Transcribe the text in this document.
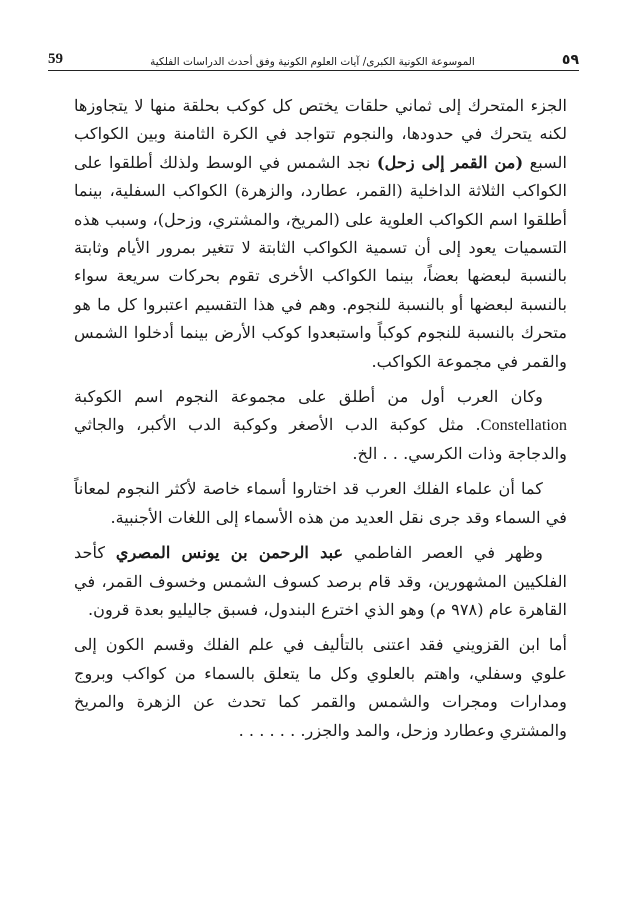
59	الموسوعة الكونية الكبرى/ آيات العلوم الكونية وفق أحدث الدراسات الفلكية	٥٩

الجزء المتحرك إلى ثماني حلقات يختص كل كوكب بحلقة منها لا يتجاوزها لكنه يتحرك في حدودها، والنجوم تتواجد في الكرة الثامنة وبين الكواكب السبع (من القمر إلى زحل) نجد الشمس في الوسط ولذلك أطلقوا على الكواكب الثلاثة الداخلية (القمر، عطارد، والزهرة) الكواكب السفلية، بينما أطلقوا اسم الكواكب العلوية على (المريخ، والمشتري، وزحل)، وسبب هذه التسميات يعود إلى أن تسمية الكواكب الثابتة لا تتغير بمرور الأيام وثابتة بالنسبة لبعضها بعضاً، بينما الكواكب الأخرى تقوم بحركات سريعة سواء بالنسبة لبعضها أو بالنسبة للنجوم. وهم في هذا التقسيم اعتبروا كل ما هو متحرك بالنسبة للنجوم كوكباً واستبعدوا كوكب الأرض بينما أدخلوا الشمس والقمر في مجموعة الكواكب.

وكان العرب أول من أطلق على مجموعة النجوم اسم الكوكبة Constellation. مثل كوكبة الدب الأصغر وكوكبة الدب الأكبر، والجاثي والدجاجة وذات الكرسي. . . الخ.

كما أن علماء الفلك العرب قد اختاروا أسماء خاصة لأكثر النجوم لمعاناً في السماء وقد جرى نقل العديد من هذه الأسماء إلى اللغات الأجنبية.

وظهر في العصر الفاطمي عبد الرحمن بن يونس المصري كأحد الفلكيين المشهورين، وقد قام برصد كسوف الشمس وخسوف القمر، في القاهرة عام (٩٧٨ م) وهو الذي اخترع البندول، فسبق جاليليو بعدة قرون.

أما ابن القزويني فقد اعتنى بالتأليف في علم الفلك وقسم الكون إلى علوي وسفلي، واهتم بالعلوي وكل ما يتعلق بالسماء من كواكب وبروج ومدارات ومجرات والشمس والقمر كما تحدث عن الزهرة والمريخ والمشتري وعطارد وزحل، والمد والجزر. . . . . . .
